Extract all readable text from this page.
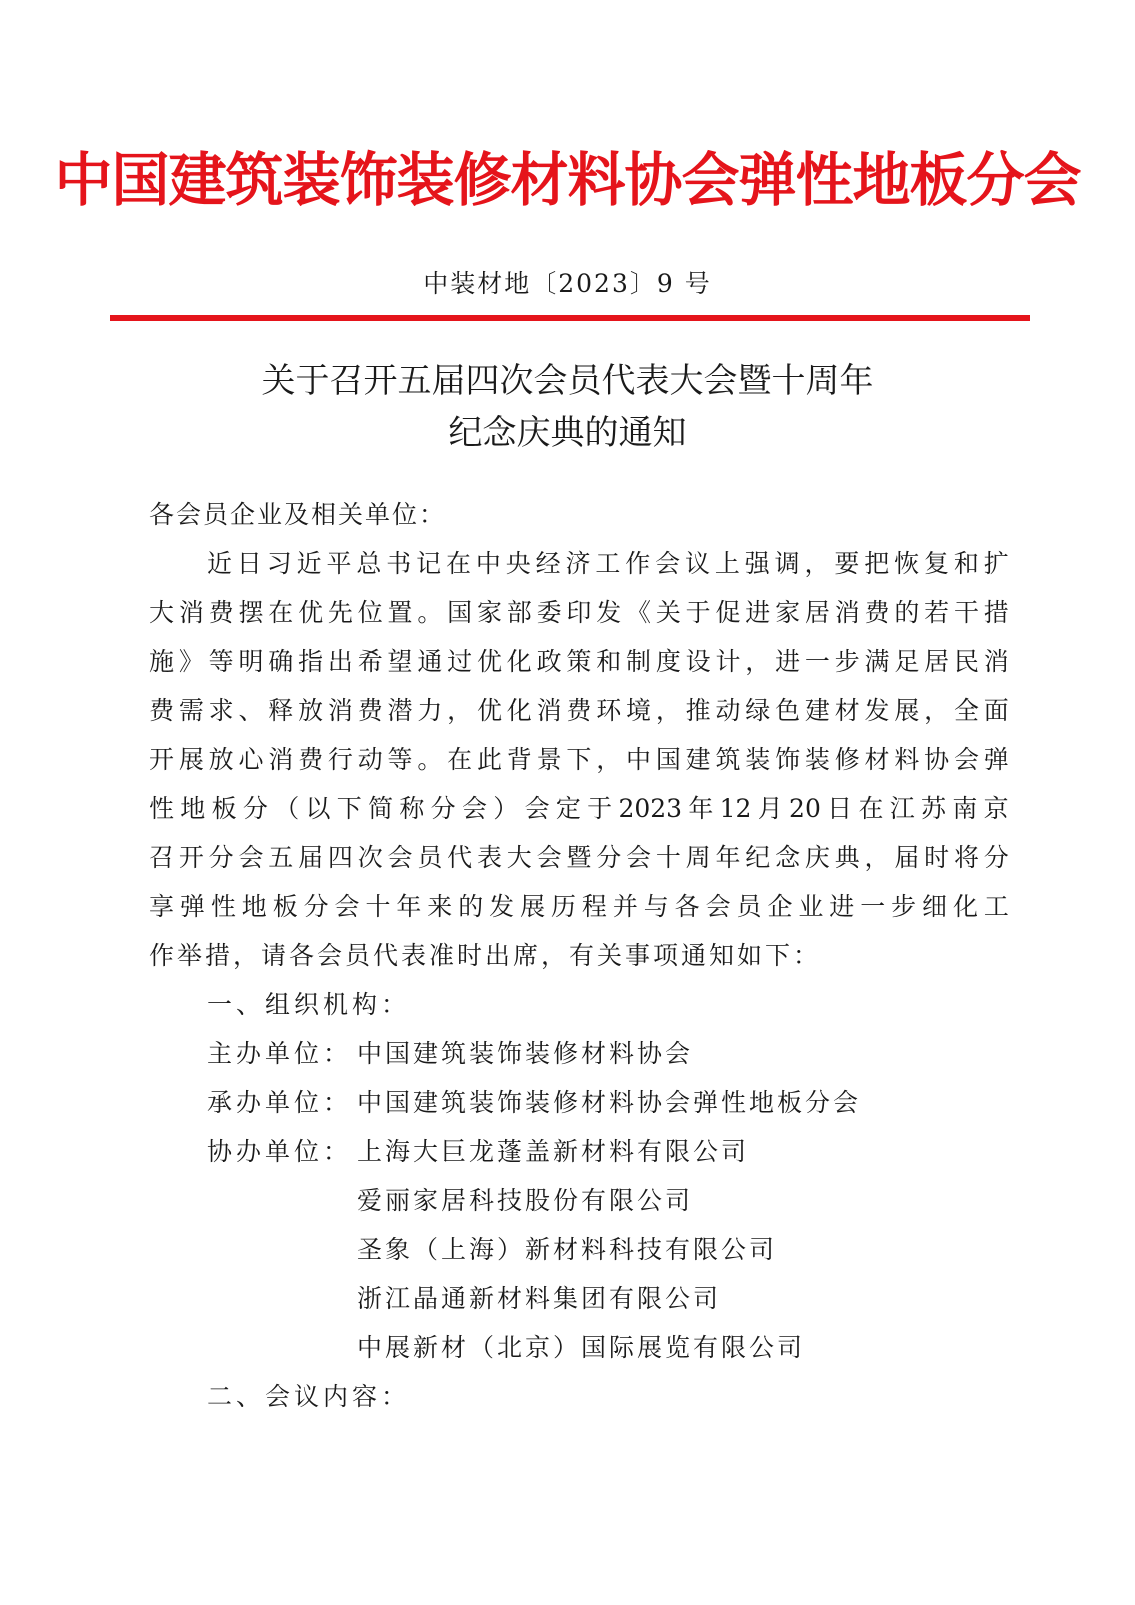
中国建筑装饰装修材料协会弹性地板分会
中装材地〔2023〕9 号
关于召开五届四次会员代表大会暨十周年
纪念庆典的通知
各会员企业及相关单位：
近 日 习 近 平 总 书 记 在 中 央 经 济 工 作 会 议 上 强 调 ， 要 把 恢 复 和 扩
大 消 费 摆 在 优 先 位 置 。 国 家 部 委 印 发 《 关 于 促 进 家 居 消 费 的 若 干 措
施 》 等 明 确 指 出 希 望 通 过 优 化 政 策 和 制 度 设 计 ， 进 一 步 满 足 居 民 消
费 需 求 、 释 放 消 费 潜 力 ， 优 化 消 费 环 境 ， 推 动 绿 色 建 材 发 展 ， 全 面
开 展 放 心 消 费 行 动 等 。 在 此 背 景 下 ， 中 国 建 筑 装 饰 装 修 材 料 协 会 弹
性 地 板 分 （ 以 下 简 称 分 会 ） 会 定 于 2023 年 12 月 20 日 在 江 苏 南 京
召 开 分 会 五 届 四 次 会 员 代 表 大 会 暨 分 会 十 周 年 纪 念 庆 典 ， 届 时 将 分
享 弹 性 地 板 分 会 十 年 来 的 发 展 历 程 并 与 各 会 员 企 业 进 一 步 细 化 工
作举措，请各会员代表准时出席，有关事项通知如下：
一、组织机构：
主办单位： 中国建筑装饰装修材料协会
承办单位： 中国建筑装饰装修材料协会弹性地板分会
协办单位： 上海大巨龙蓬盖新材料有限公司
爱丽家居科技股份有限公司
圣象（上海）新材料科技有限公司
浙江晶通新材料集团有限公司
中展新材（北京）国际展览有限公司
二、会议内容：
